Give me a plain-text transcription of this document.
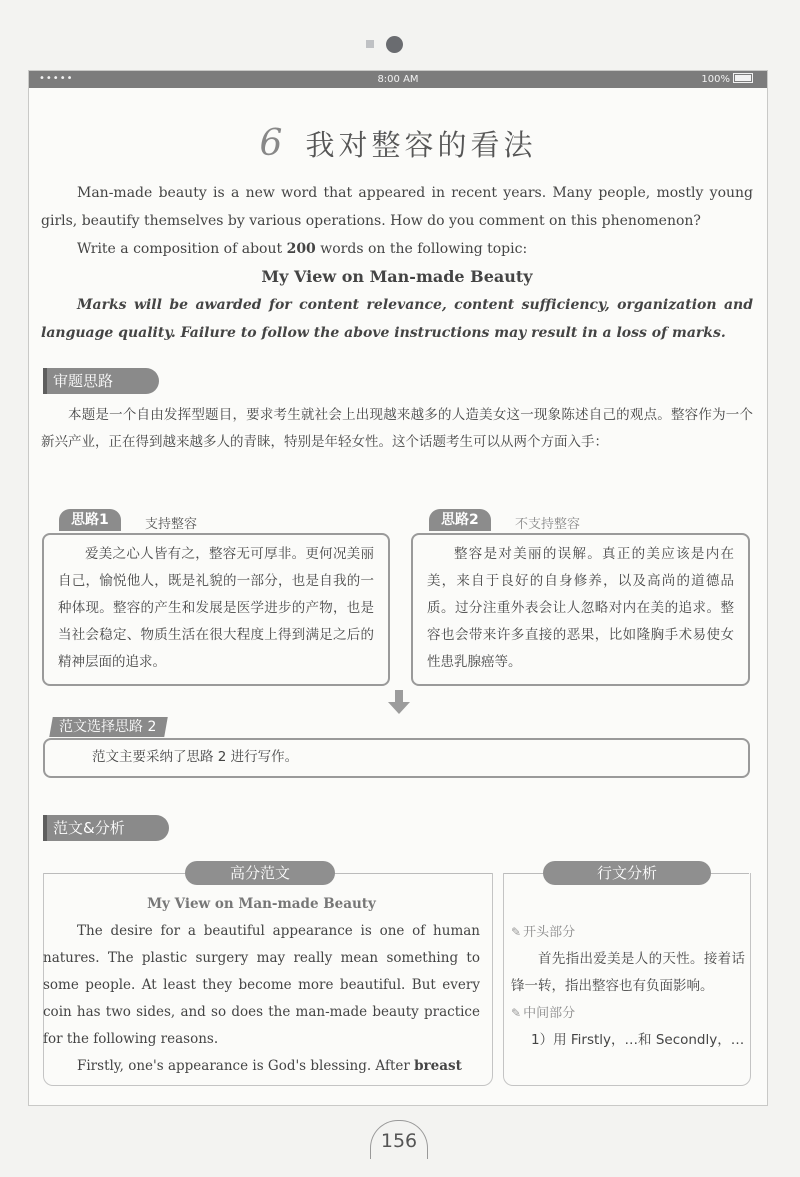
•••••	8:00 AM	100%
6 我对整容的看法

Man-made beauty is a new word that appeared in recent years. Many people, mostly young girls, beautify themselves by various operations. How do you comment on this phenomenon?

Write a composition of about 200 words on the following topic:

My View on Man-made Beauty

Marks will be awarded for content relevance, content sufficiency, organization and language quality. Failure to follow the above instructions may result in a loss of marks.

审题思路
本题是一个自由发挥型题目，要求考生就社会上出现越来越多的人造美女这一现象陈述自己的观点。整容作为一个新兴产业，正在得到越来越多人的青睐，特别是年轻女性。这个话题考生可以从两个方面入手：
思路1	支持整容

爱美之心人皆有之，整容无可厚非。更何况美丽自己，愉悦他人，既是礼貌的一部分，也是自我的一种体现。整容的产生和发展是医学进步的产物，也是当社会稳定、物质生活在很大程度上得到满足之后的精神层面的追求。

思路2	不支持整容

整容是对美丽的误解。真正的美应该是内在美，来自于良好的自身修养，以及高尚的道德品质。过分注重外表会让人忽略对内在美的追求。整容也会带来许多直接的恶果，比如隆胸手术易使女性患乳腺癌等。

范文选择思路 2

范文主要采纳了思路 2 进行写作。

范文&分析
高分范文	行文分析

My View on Man-made Beauty

The desire for a beautiful appearance is one of human natures. The plastic surgery may really mean something to some people. At least they become more beautiful. But every coin has two sides, and so does the man-made beauty practice for the following reasons.

Firstly, one's appearance is God's blessing. After breast

✎ 开头部分

首先指出爱美是人的天性。接着话锋一转，指出整容也有负面影响。

✎ 中间部分

1）用 Firstly，…和 Secondly，…

156
